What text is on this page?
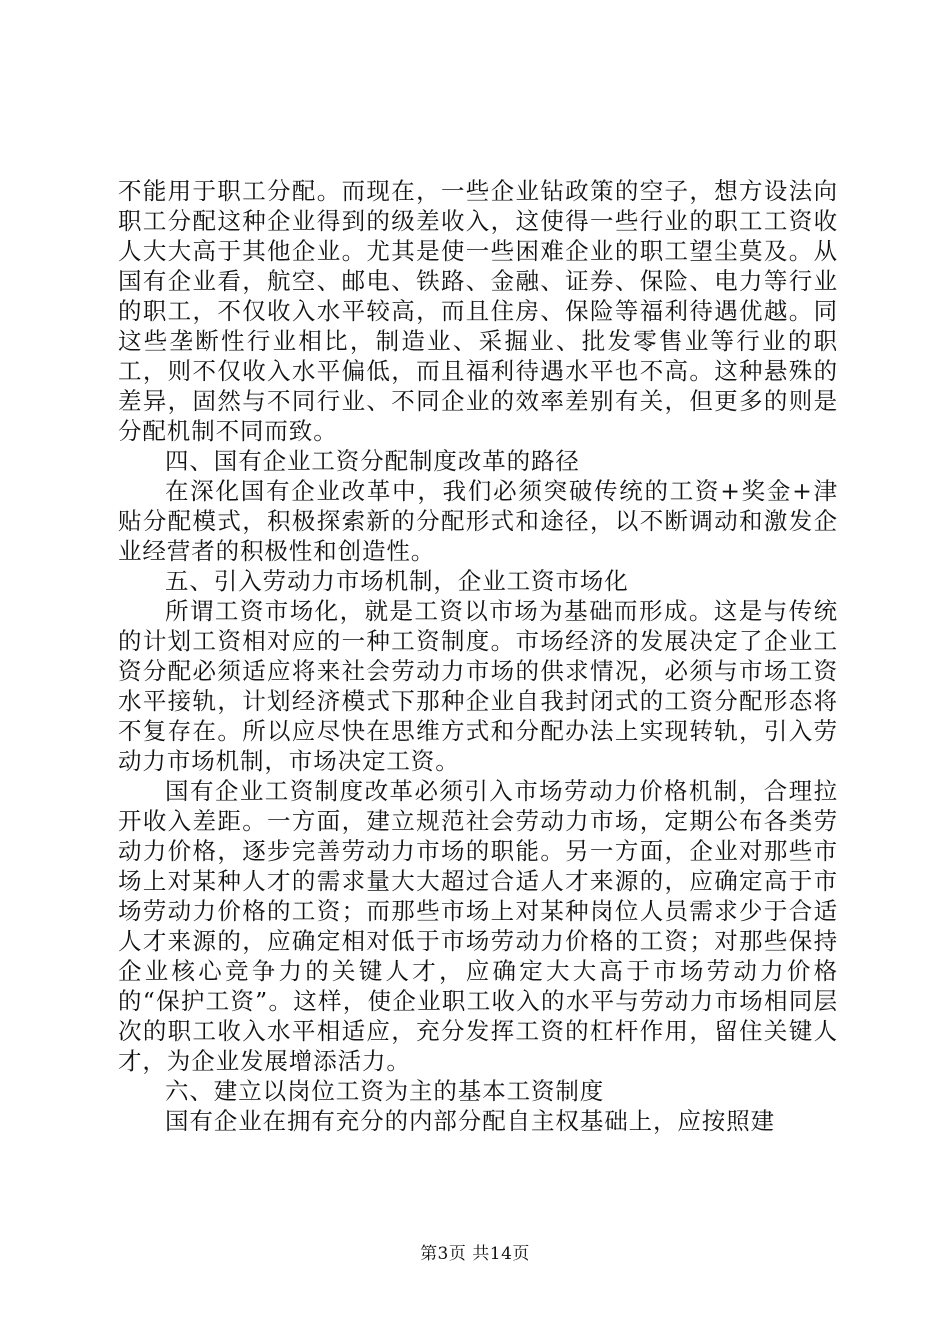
不能用于职工分配。而现在，一些企业钻政策的空子，想方设法向职工分配这种企业得到的级差收入，这使得一些行业的职工工资收人大大高于其他企业。尤其是使一些困难企业的职工望尘莫及。从国有企业看，航空、邮电、铁路、金融、证券、保险、电力等行业的职工，不仅收入水平较高，而且住房、保险等福利待遇优越。同这些垄断性行业相比，制造业、采掘业、批发零售业等行业的职工，则不仅收入水平偏低，而且福利待遇水平也不高。这种悬殊的差异，固然与不同行业、不同企业的效率差别有关，但更多的则是分配机制不同而致。

四、国有企业工资分配制度改革的路径

在深化国有企业改革中，我们必须突破传统的工资+奖金+津贴分配模式，积极探索新的分配形式和途径，以不断调动和激发企业经营者的积极性和创造性。

五、引入劳动力市场机制，企业工资市场化

所谓工资市场化，就是工资以市场为基础而形成。这是与传统的计划工资相对应的一种工资制度。市场经济的发展决定了企业工资分配必须适应将来社会劳动力市场的供求情况，必须与市场工资水平接轨，计划经济模式下那种企业自我封闭式的工资分配形态将不复存在。所以应尽快在思维方式和分配办法上实现转轨，引入劳动力市场机制，市场决定工资。

国有企业工资制度改革必须引入市场劳动力价格机制，合理拉开收入差距。一方面，建立规范社会劳动力市场，定期公布各类劳动力价格，逐步完善劳动力市场的职能。另一方面，企业对那些市场上对某种人才的需求量大大超过合适人才来源的，应确定高于市场劳动力价格的工资；而那些市场上对某种岗位人员需求少于合适人才来源的，应确定相对低于市场劳动力价格的工资；对那些保持企业核心竞争力的关键人才，应确定大大高于市场劳动力价格的“保护工资”。这样，使企业职工收入的水平与劳动力市场相同层次的职工收入水平相适应，充分发挥工资的杠杆作用，留住关键人才，为企业发展增添活力。

六、建立以岗位工资为主的基本工资制度

国有企业在拥有充分的内部分配自主权基础上，应按照建

第3页 共14页
